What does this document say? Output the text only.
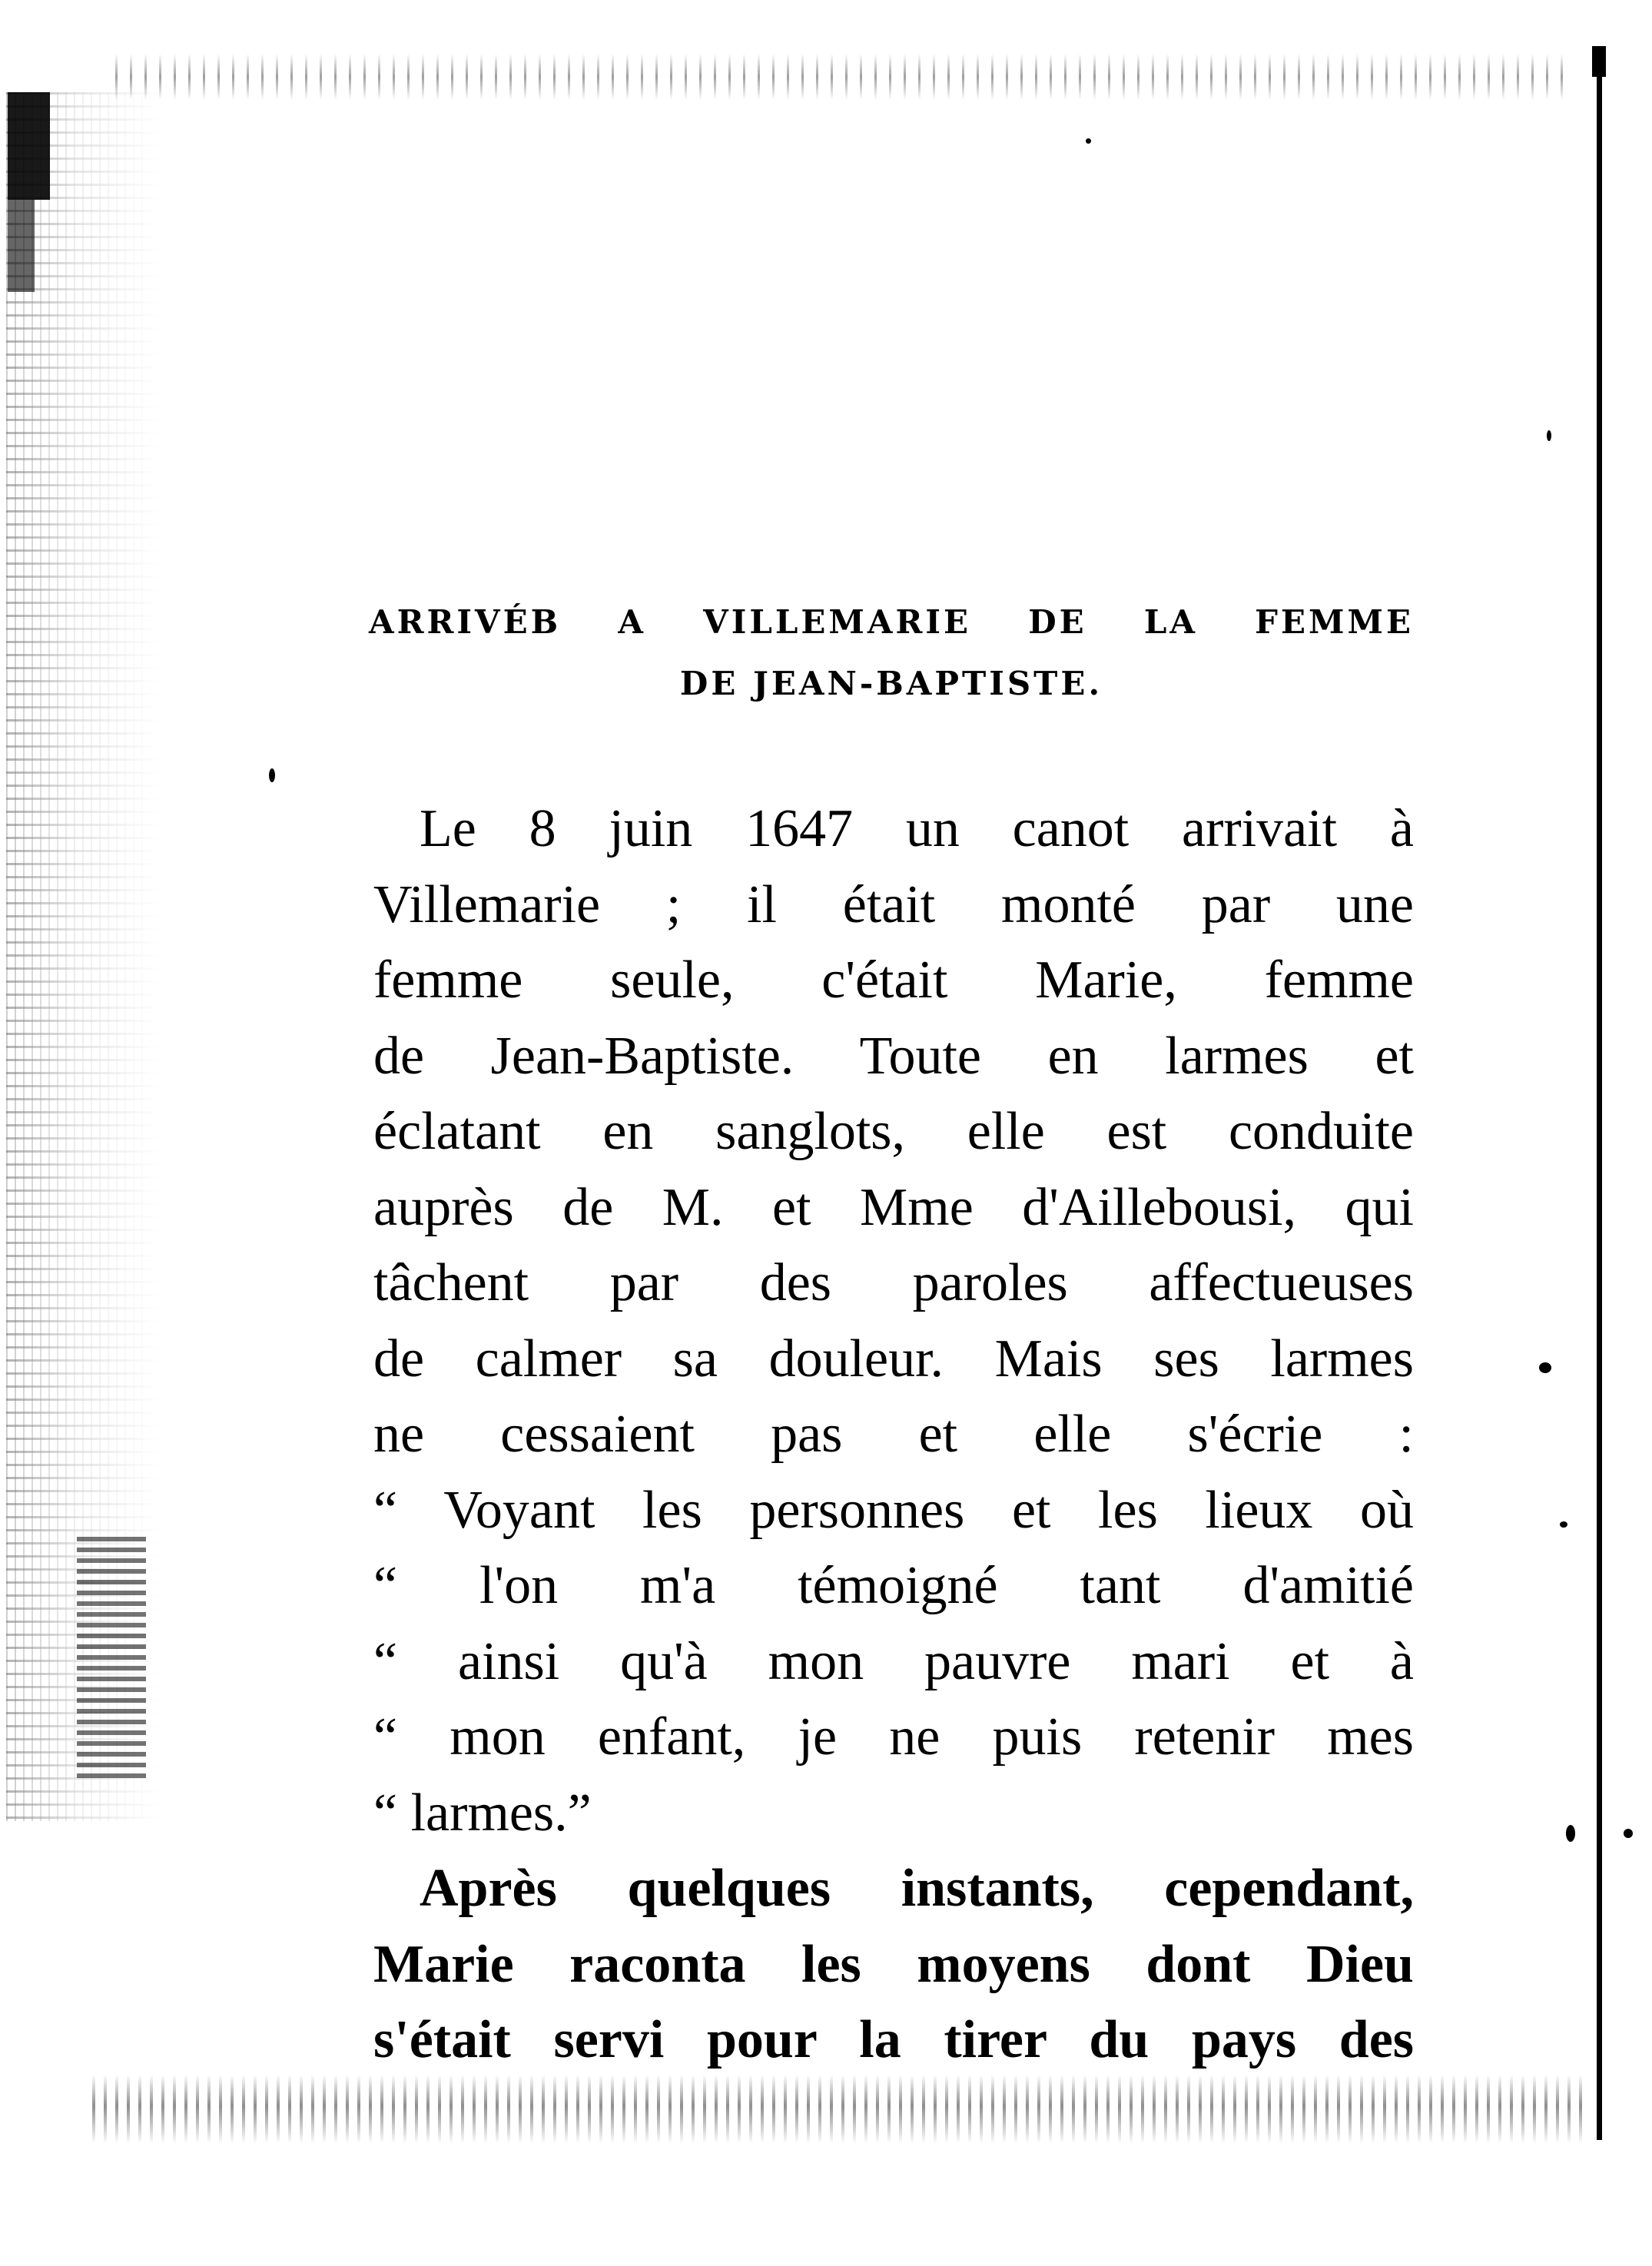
ARRIVÉB A VILLEMARIE DE LA FEMME
DE JEAN-BAPTISTE.
Le 8 juin 1647 un canot arrivait à
Villemarie ; il était monté par une
femme seule, c'était Marie, femme
de Jean-Baptiste. Toute en larmes et
éclatant en sanglots, elle est conduite
auprès de M. et Mme d'Aillebousi, qui
tâchent par des paroles affectueuses
de calmer sa douleur. Mais ses larmes
ne cessaient pas et elle s'écrie :
“ Voyant les personnes et les lieux où
“ l'on m'a témoigné tant d'amitié
“ ainsi qu'à mon pauvre mari et à
“ mon enfant, je ne puis retenir mes
“ larmes.”
Après quelques instants, cependant,
Marie raconta les moyens dont Dieu
s'était servi pour la tirer du pays des
